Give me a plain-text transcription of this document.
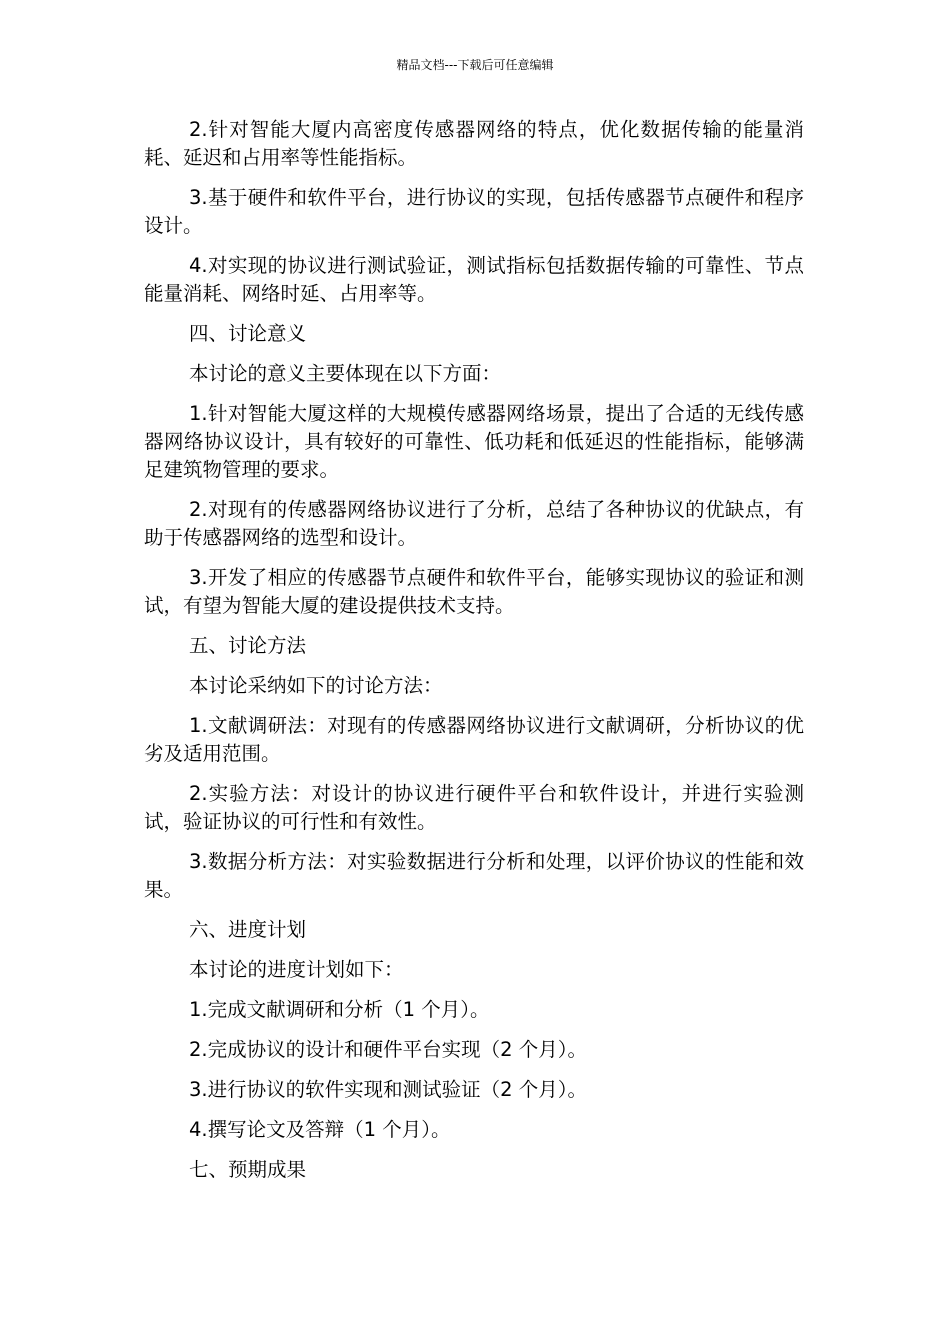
精品文档---下载后可任意编辑

2.针对智能大厦内高密度传感器网络的特点，优化数据传输的能量消耗、延迟和占用率等性能指标。

3.基于硬件和软件平台，进行协议的实现，包括传感器节点硬件和程序设计。

4.对实现的协议进行测试验证，测试指标包括数据传输的可靠性、节点能量消耗、网络时延、占用率等。

四、讨论意义

本讨论的意义主要体现在以下方面：

1.针对智能大厦这样的大规模传感器网络场景，提出了合适的无线传感器网络协议设计，具有较好的可靠性、低功耗和低延迟的性能指标，能够满足建筑物管理的要求。

2.对现有的传感器网络协议进行了分析，总结了各种协议的优缺点，有助于传感器网络的选型和设计。

3.开发了相应的传感器节点硬件和软件平台，能够实现协议的验证和测试，有望为智能大厦的建设提供技术支持。

五、讨论方法

本讨论采纳如下的讨论方法：

1.文献调研法：对现有的传感器网络协议进行文献调研，分析协议的优劣及适用范围。

2.实验方法：对设计的协议进行硬件平台和软件设计，并进行实验测试，验证协议的可行性和有效性。

3.数据分析方法：对实验数据进行分析和处理，以评价协议的性能和效果。

六、进度计划

本讨论的进度计划如下：

1.完成文献调研和分析（1 个月）。

2.完成协议的设计和硬件平台实现（2 个月）。

3.进行协议的软件实现和测试验证（2 个月）。

4.撰写论文及答辩（1 个月）。

七、预期成果
